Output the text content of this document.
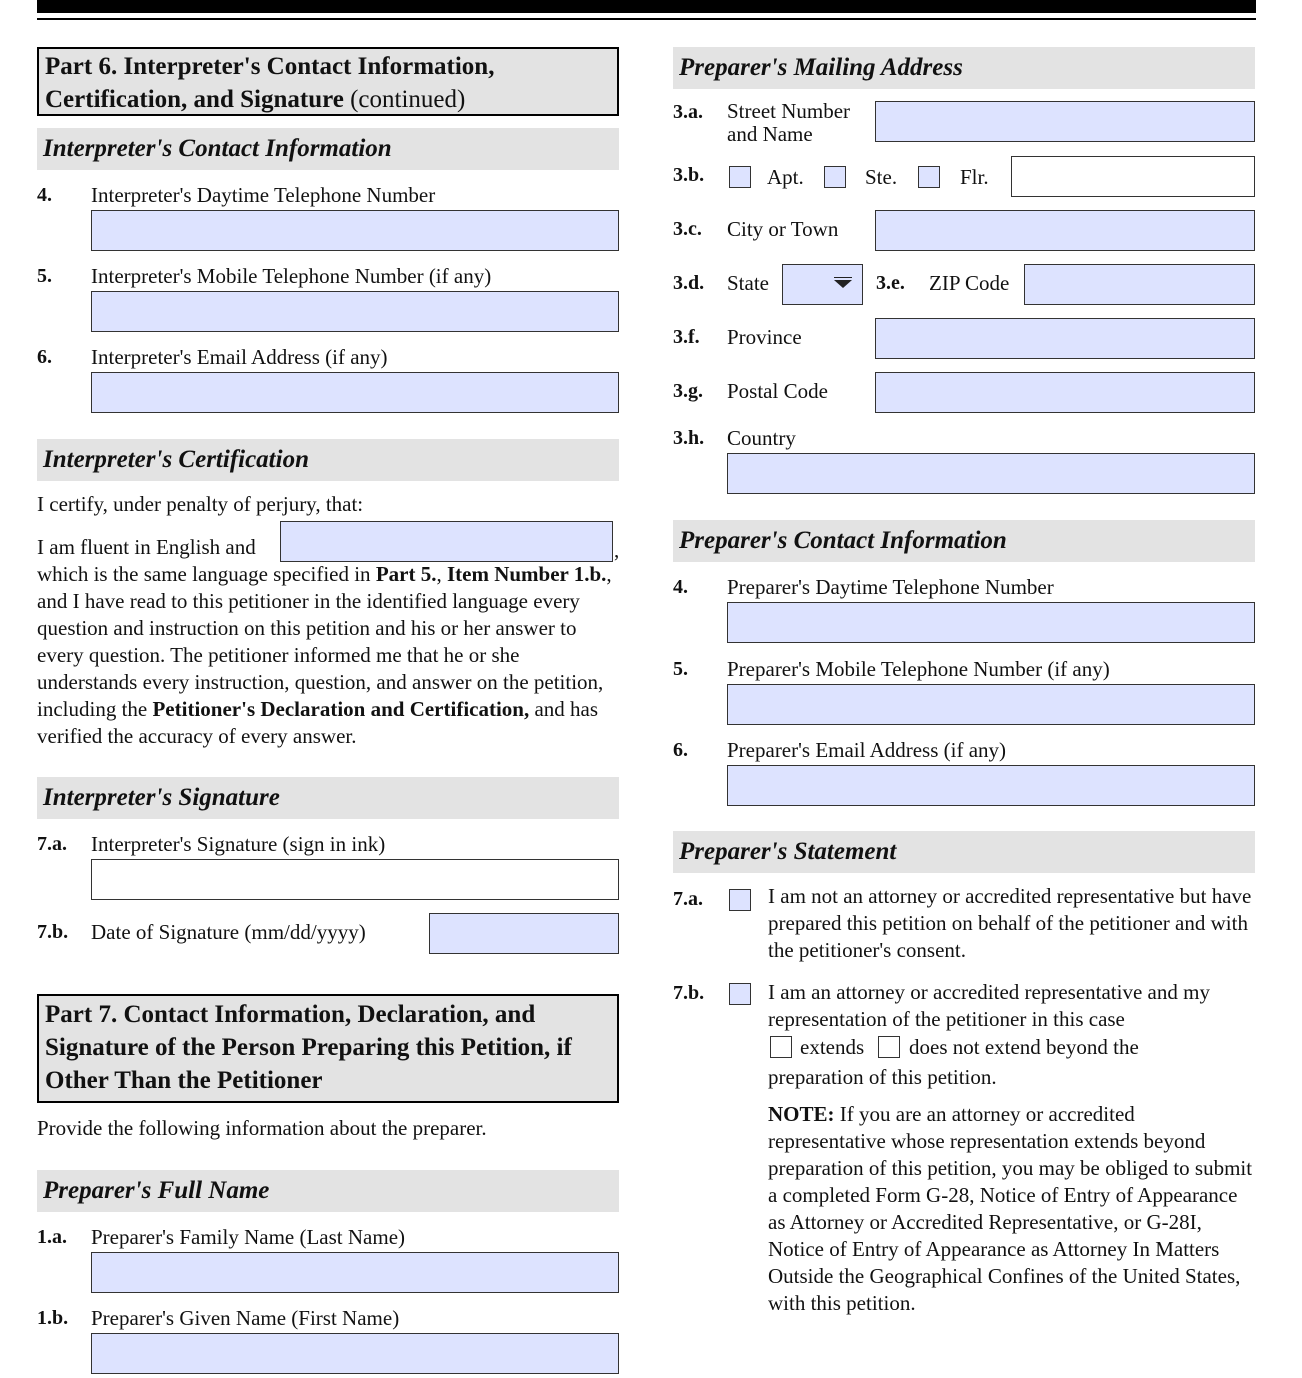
Part 6. Interpreter's Contact Information,
Certification, and Signature (continued)
Interpreter's Contact Information
4. Interpreter's Daytime Telephone Number
5. Interpreter's Mobile Telephone Number (if any)
6. Interpreter's Email Address (if any)
Interpreter's Certification
I certify, under penalty of perjury, that:
I am fluent in English and	,
which is the same language specified in Part 5., Item Number 1.b., and I have read to this petitioner in the identified language every question and instruction on this petition and his or her answer to every question. The petitioner informed me that he or she understands every instruction, question, and answer on the petition, including the Petitioner's Declaration and Certification, and has verified the accuracy of every answer.
Interpreter's Signature
7.a. Interpreter's Signature (sign in ink)
7.b. Date of Signature (mm/dd/yyyy)
Part 7. Contact Information, Declaration, and
Signature of the Person Preparing this Petition, if
Other Than the Petitioner
Provide the following information about the preparer.
Preparer's Full Name
1.a. Preparer's Family Name (Last Name)
1.b. Preparer's Given Name (First Name)
Preparer's Mailing Address
3.a. Street Number
and Name
3.b.	Apt.	Ste.	Flr.
3.c. City or Town
3.d. State	3.e. ZIP Code
3.f. Province
3.g. Postal Code
3.h. Country
Preparer's Contact Information
4. Preparer's Daytime Telephone Number
5. Preparer's Mobile Telephone Number (if any)
6. Preparer's Email Address (if any)
Preparer's Statement
7.a.	I am not an attorney or accredited representative but have prepared this petition on behalf of the petitioner and with the petitioner's consent.
7.b.	I am an attorney or accredited representative and my representation of the petitioner in this case
extends does not extend beyond the
preparation of this petition.
NOTE: If you are an attorney or accredited representative whose representation extends beyond preparation of this petition, you may be obliged to submit a completed Form G-28, Notice of Entry of Appearance as Attorney or Accredited Representative, or G-28I, Notice of Entry of Appearance as Attorney In Matters Outside the Geographical Confines of the United States, with this petition.
